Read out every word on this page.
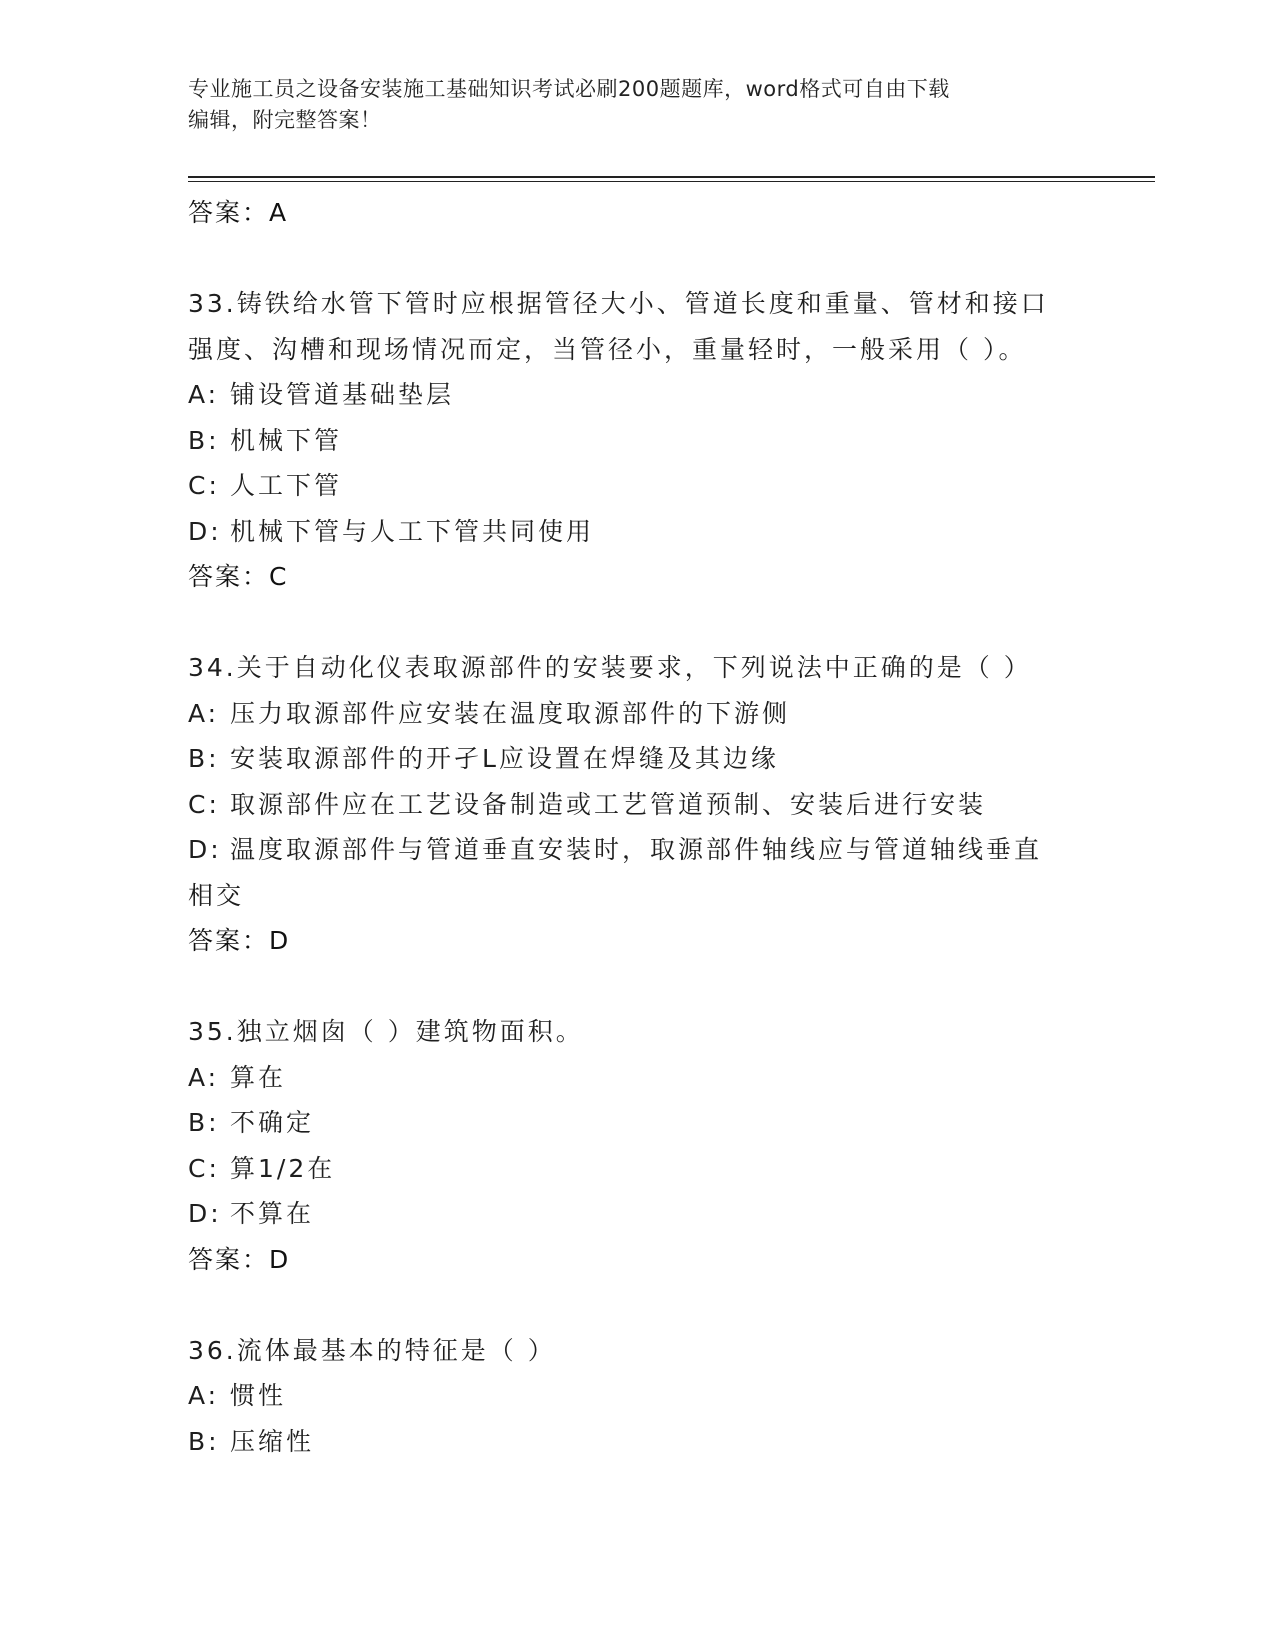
专业施工员之设备安装施工基础知识考试必刷200题题库，word格式可自由下载
编辑，附完整答案！
答案：A
33.铸铁给水管下管时应根据管径大小、管道长度和重量、管材和接口
强度、沟槽和现场情况而定，当管径小，重量轻时，一般采用（ ）。
A: 铺设管道基础垫层
B: 机械下管
C: 人工下管
D: 机械下管与人工下管共同使用
答案：C
34.关于自动化仪表取源部件的安装要求，下列说法中正确的是（ ）
A: 压力取源部件应安装在温度取源部件的下游侧
B: 安装取源部件的开孑L应设置在焊缝及其边缘
C: 取源部件应在工艺设备制造或工艺管道预制、安装后进行安装
D: 温度取源部件与管道垂直安装时，取源部件轴线应与管道轴线垂直
相交
答案：D
35.独立烟囱（ ）建筑物面积。
A: 算在
B: 不确定
C: 算1/2在
D: 不算在
答案：D
36.流体最基本的特征是（ ）
A: 惯性
B: 压缩性
